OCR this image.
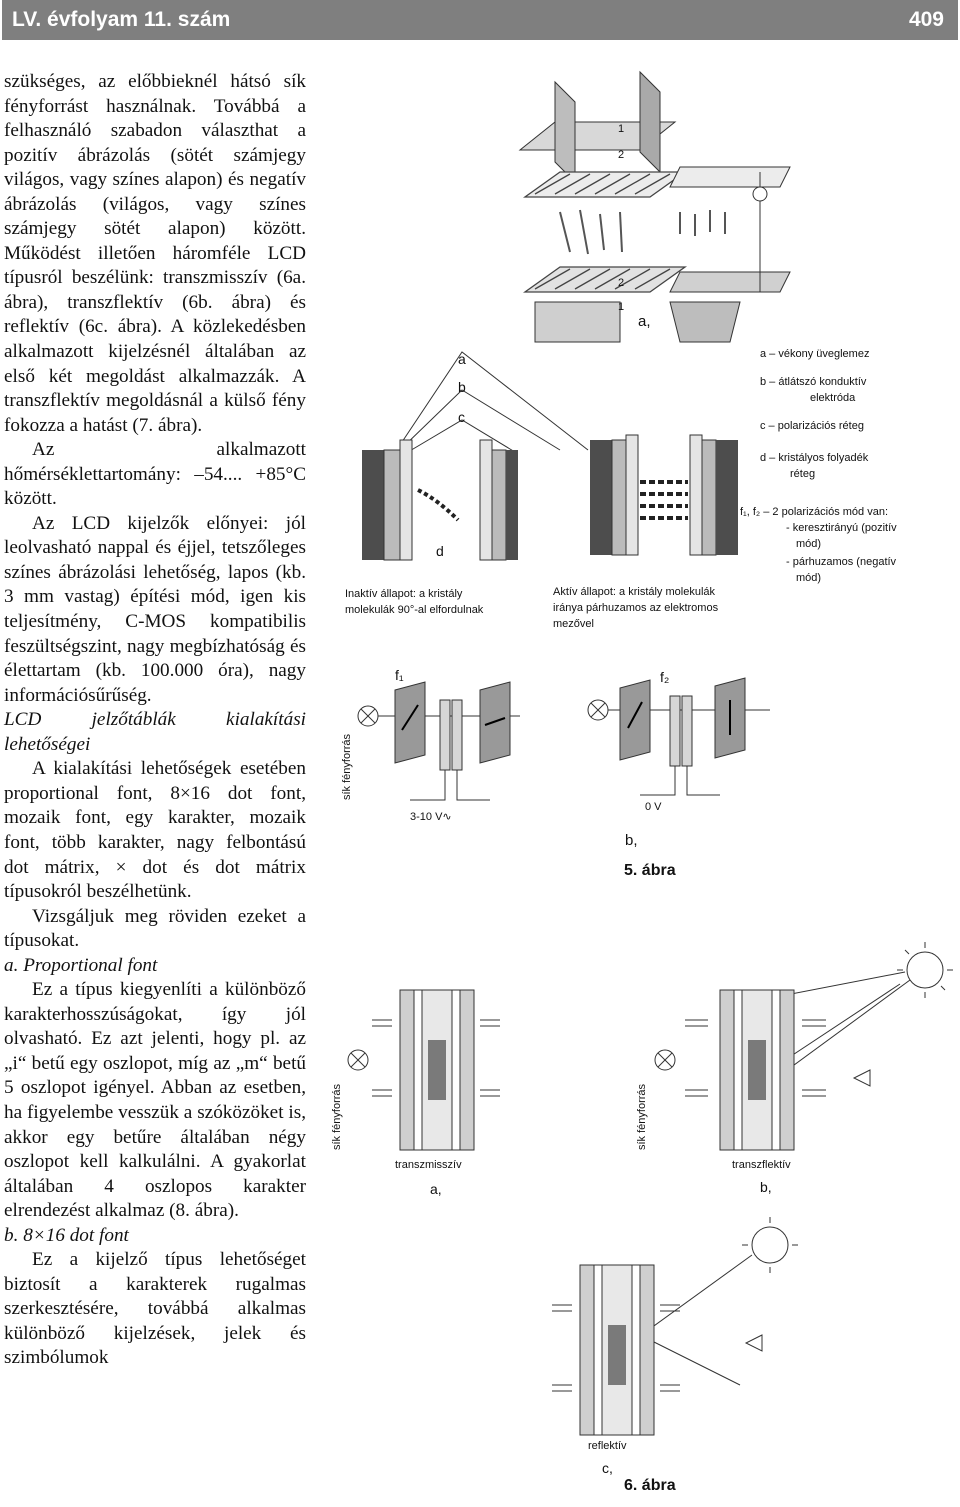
LV. évfolyam 11. szám	409

szükséges, az előbbieknél hátsó sík fényforrást használnak. Továbbá a felhasználó szabadon választhat a pozitív ábrázolás (sötét számjegy világos, vagy színes alapon) és negatív ábrázolás (világos, vagy színes számjegy sötét alapon) között. Működést illetően háromféle LCD típusról beszélünk: transzmisszív (6a. ábra), transzflektív (6b. ábra) és reflektív (6c. ábra). A közlekedésben alkalmazott kijelzésnél általában az első két megoldást alkalmazzák. A transzflektív megoldásnál a külső fény fokozza a hatást (7. ábra).

Az alkalmazott hőmérséklettartomány: –54.... +85°C között.

Az LCD kijelzők előnyei: jól leolvasható nappal és éjjel, tetszőleges színes ábrázolási lehetőség, lapos (kb. 3 mm vastag) építési mód, igen kis teljesítmény, C-MOS kompatibilis feszültségszint, nagy megbízhatóság és élettartam (kb. 100.000 óra), nagy információsűrűség.

LCD jelzőtáblák kialakítási lehetőségei

A kialakítási lehetőségek esetében proportional font, 8×16 dot font, mozaik font, egy karakter, mozaik font, több karakter, nagy felbontású dot mátrix, × dot és dot mátrix típusokról beszélhetünk.

Vizsgáljuk meg röviden ezeket a típusokat.

a. Proportional font

Ez a típus kiegyenlíti a különböző karakterhosszúságokat, így jól olvasható. Ez azt jelenti, hogy pl. az „i“ betű egy oszlopot, míg az „m“ betű 5 oszlopot igényel. Abban az esetben, ha figyelembe vesszük a szóközöket is, akkor egy betűre általában négy oszlopot kell kalkulálni. A gyakorlat általában 4 oszlopos karakter elrendezést alkalmaz (8. ábra).

b. 8×16 dot font

Ez a kijelző típus lehetőséget biztosít a karakterek rugalmas szerkesztésére, továbbá alkalmas különböző kijelzések, jelek és szimbólumok

1
2
2
1
a,
a
b
c
d
a – vékony üveglemez
b – átlátszó konduktív
elektróda
c – polarizációs réteg
d – kristályos folyadék
réteg
f₁, f₂ – 2 polarizációs mód van:
- keresztirányú (pozitív
mód)
- párhuzamos (negatív
mód)
Inaktív állapot: a kristály
molekulák 90°-al elfordulnak
Aktív állapot: a kristály molekulák
iránya párhuzamos az elektromos
mezővel
f₁	f₂
3-10 V∿
0 V
sík fényforrás
b,
5. ábra
sík fényforrás
transzmisszív
a,
sík fényforrás
transzflektív
b,
reflektív
c,
6. ábra
